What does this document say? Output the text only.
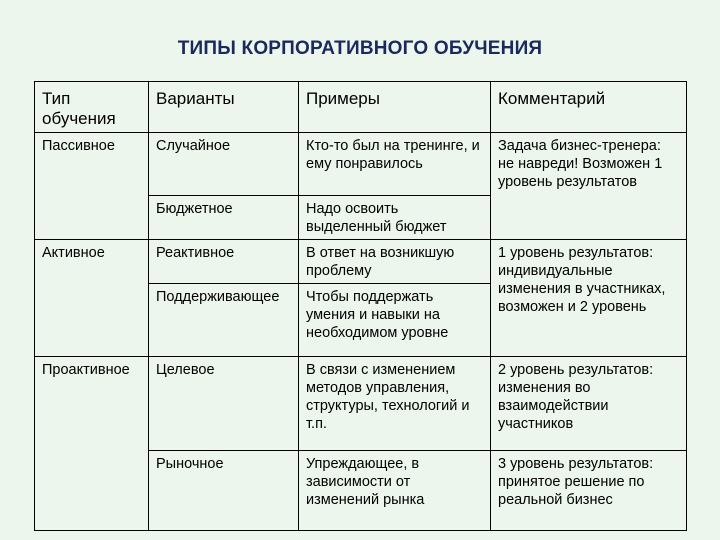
ТИПЫ КОРПОРАТИВНОГО ОБУЧЕНИЯ
Тип обучения	Варианты	Примеры	Комментарий
Пассивное	Случайное	Кто-то был на тренинге, и ему понравилось	Задача бизнес-тренера: не навреди! Возможен 1 уровень результатов
	Бюджетное	Надо освоить выделенный бюджет	
Активное	Реактивное	В ответ на возникшую проблему	1 уровень результатов: индивидуальные изменения в участниках, возможен и 2 уровень
	Поддерживающее	Чтобы поддержать умения и навыки на необходимом уровне	
Проактивное	Целевое	В связи с изменением методов управления, структуры, технологий и т.п.	2 уровень результатов: изменения во взаимодействии участников
	Рыночное	Упреждающее, в зависимости от изменений рынка	3 уровень результатов: принятое решение по реальной бизнес
